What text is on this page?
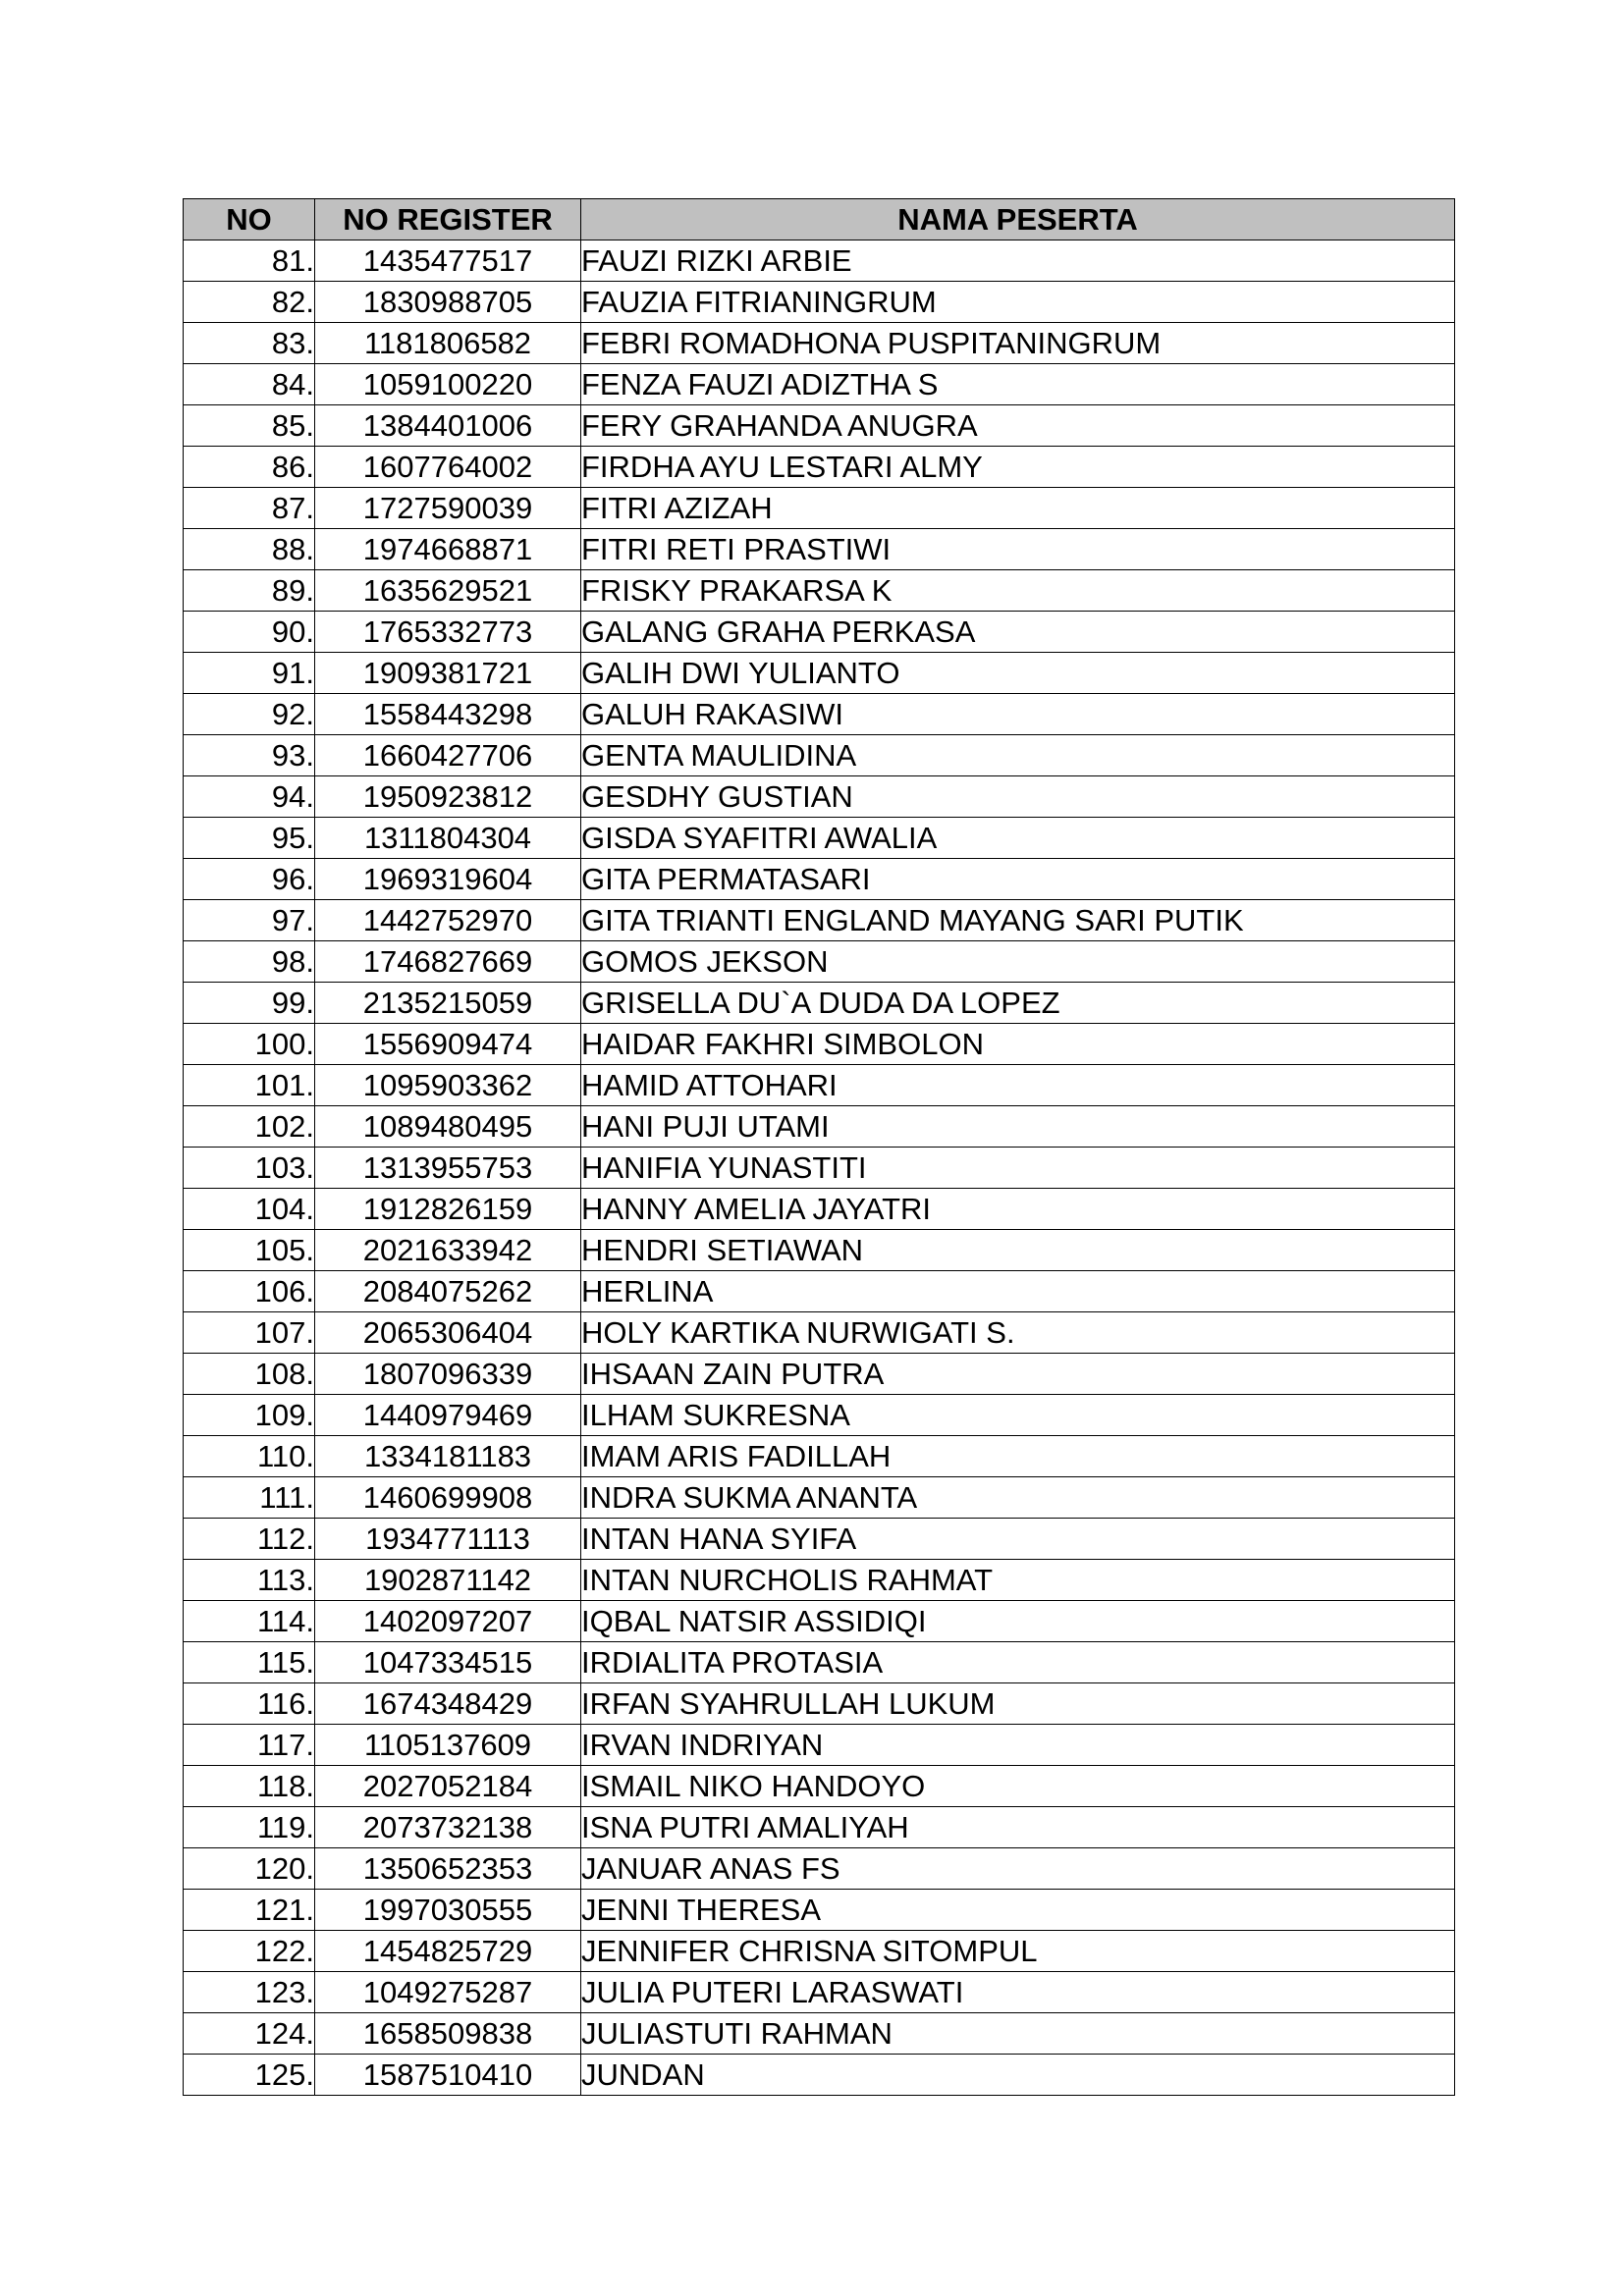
NO	NO REGISTER	NAMA PESERTA
81.	1435477517	FAUZI RIZKI ARBIE
82.	1830988705	FAUZIA FITRIANINGRUM
83.	1181806582	FEBRI ROMADHONA PUSPITANINGRUM
84.	1059100220	FENZA FAUZI ADIZTHA S
85.	1384401006	FERY GRAHANDA ANUGRA
86.	1607764002	FIRDHA AYU LESTARI ALMY
87.	1727590039	FITRI AZIZAH
88.	1974668871	FITRI RETI PRASTIWI
89.	1635629521	FRISKY PRAKARSA K
90.	1765332773	GALANG GRAHA PERKASA
91.	1909381721	GALIH DWI YULIANTO
92.	1558443298	GALUH RAKASIWI
93.	1660427706	GENTA MAULIDINA
94.	1950923812	GESDHY GUSTIAN
95.	1311804304	GISDA SYAFITRI AWALIA
96.	1969319604	GITA PERMATASARI
97.	1442752970	GITA TRIANTI ENGLAND MAYANG SARI PUTIK
98.	1746827669	GOMOS JEKSON
99.	2135215059	GRISELLA DU`A DUDA DA LOPEZ
100.	1556909474	HAIDAR FAKHRI SIMBOLON
101.	1095903362	HAMID ATTOHARI
102.	1089480495	HANI PUJI UTAMI
103.	1313955753	HANIFIA YUNASTITI
104.	1912826159	HANNY AMELIA JAYATRI
105.	2021633942	HENDRI SETIAWAN
106.	2084075262	HERLINA
107.	2065306404	HOLY KARTIKA NURWIGATI S.
108.	1807096339	IHSAAN ZAIN PUTRA
109.	1440979469	ILHAM SUKRESNA
110.	1334181183	IMAM ARIS FADILLAH
111.	1460699908	INDRA SUKMA ANANTA
112.	1934771113	INTAN HANA SYIFA
113.	1902871142	INTAN NURCHOLIS RAHMAT
114.	1402097207	IQBAL NATSIR ASSIDIQI
115.	1047334515	IRDIALITA PROTASIA
116.	1674348429	IRFAN SYAHRULLAH LUKUM
117.	1105137609	IRVAN INDRIYAN
118.	2027052184	ISMAIL NIKO HANDOYO
119.	2073732138	ISNA PUTRI AMALIYAH
120.	1350652353	JANUAR ANAS FS
121.	1997030555	JENNI THERESA
122.	1454825729	JENNIFER CHRISNA SITOMPUL
123.	1049275287	JULIA PUTERI LARASWATI
124.	1658509838	JULIASTUTI RAHMAN
125.	1587510410	JUNDAN
